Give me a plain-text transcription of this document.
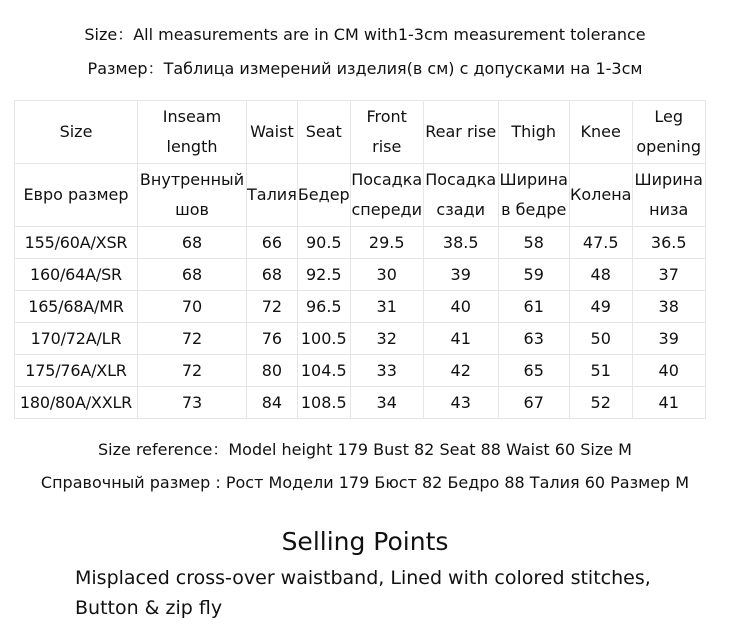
Size：All measurements are in CM with1-3cm measurement tolerance
Размер：Таблица измерений изделия(в см) с допусками на 1-3см
Size	Inseam length	Waist	Seat	Front rise	Rear rise	Thigh	Knee	Leg opening
Евро размер	Внутренный шов	Талия	Бедер	Посадка спереди	Посадка сзади	Ширина в бедре	Колена	Ширина низа
155/60A/XSR	68	66	90.5	29.5	38.5	58	47.5	36.5
160/64A/SR	68	68	92.5	30	39	59	48	37
165/68A/MR	70	72	96.5	31	40	61	49	38
170/72A/LR	72	76	100.5	32	41	63	50	39
175/76A/XLR	72	80	104.5	33	42	65	51	40
180/80A/XXLR	73	84	108.5	34	43	67	52	41
Size reference：Model height 179 Bust 82 Seat 88 Waist 60 Size M
Справочный размер : Рост Модели 179 Бюст 82 Бедро 88 Талия 60 Размер M
Selling Points
Misplaced cross-over waistband, Lined with colored stitches, Button & zip fly
